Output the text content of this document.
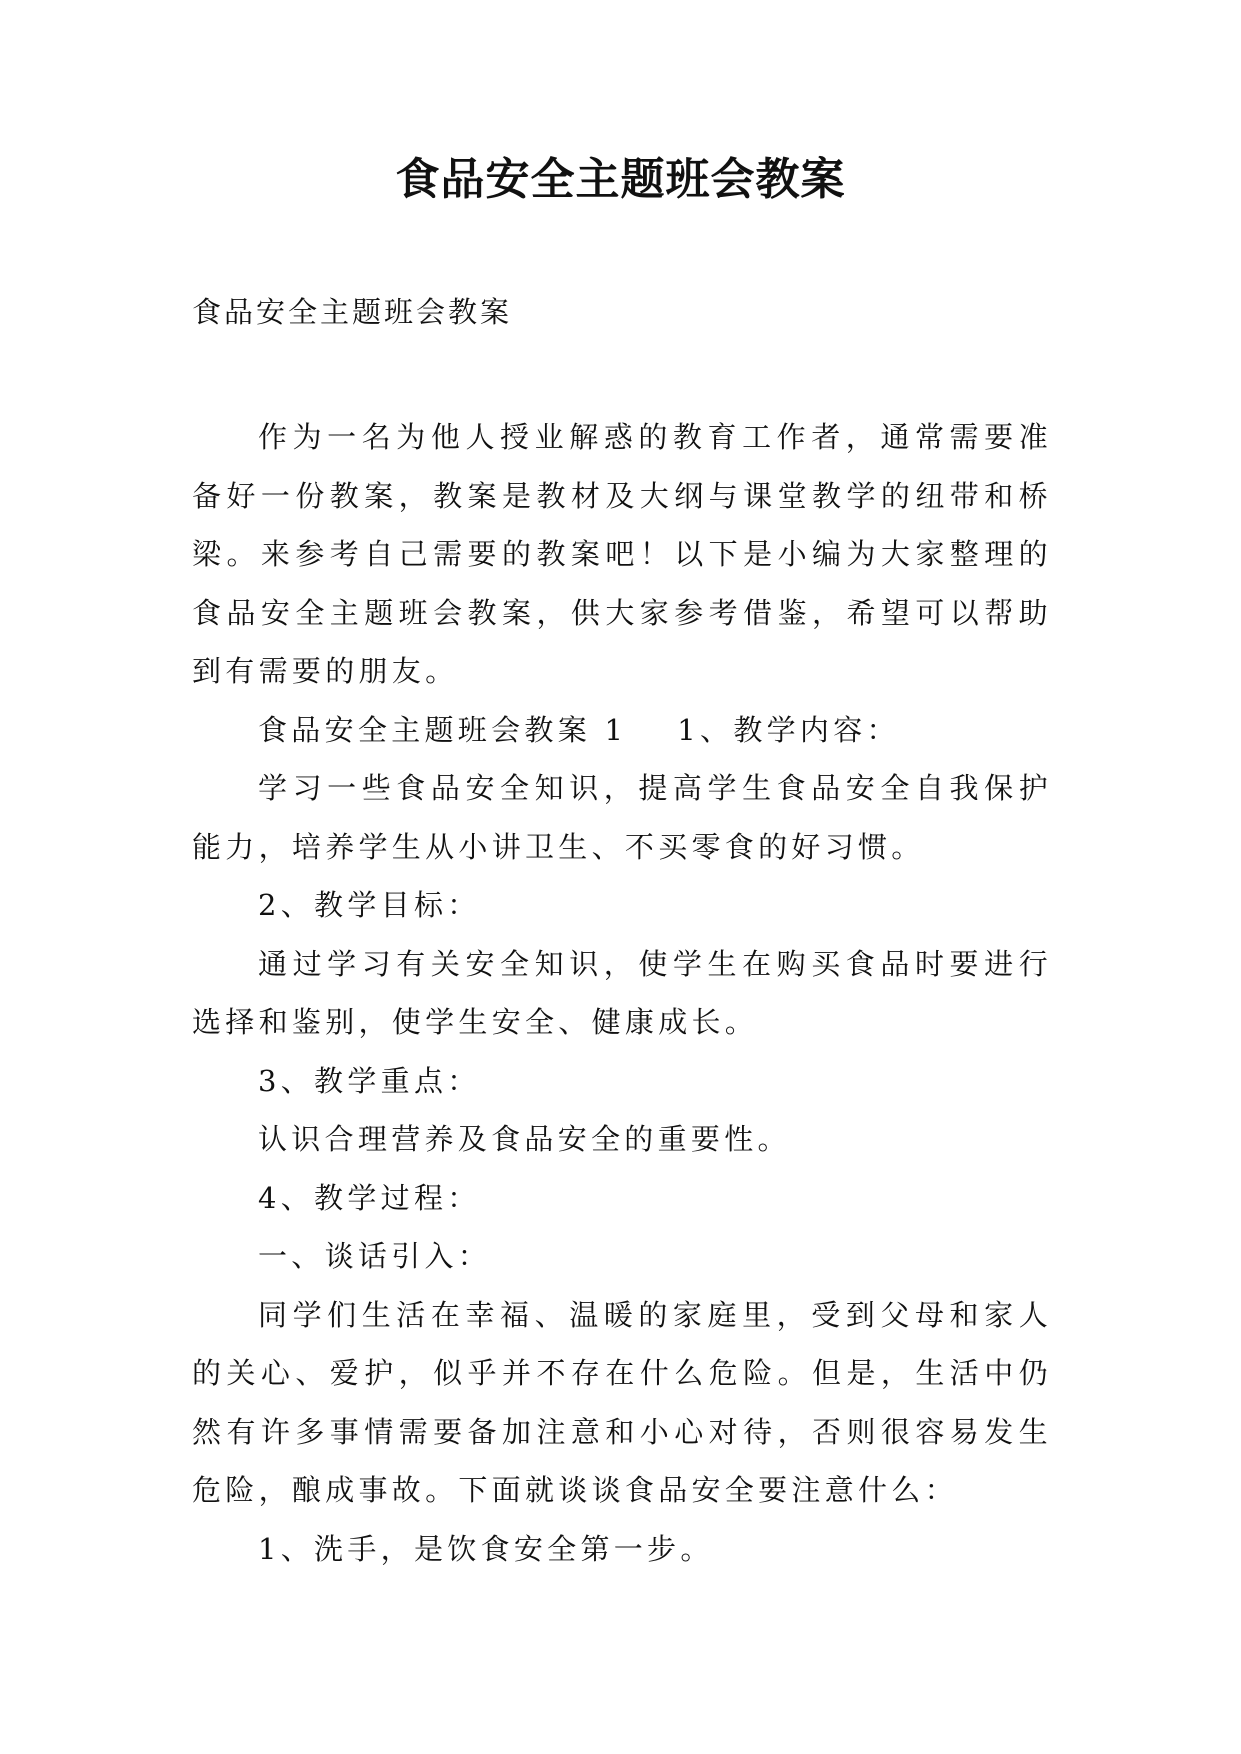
食品安全主题班会教案

食品安全主题班会教案

作为一名为他人授业解惑的教育工作者，通常需要准备好一份教案，教案是教材及大纲与课堂教学的纽带和桥梁。来参考自己需要的教案吧！以下是小编为大家整理的食品安全主题班会教案，供大家参考借鉴，希望可以帮助到有需要的朋友。

食品安全主题班会教案 1 1、教学内容：

学习一些食品安全知识，提高学生食品安全自我保护能力，培养学生从小讲卫生、不买零食的好习惯。

2、教学目标：

通过学习有关安全知识，使学生在购买食品时要进行选择和鉴别，使学生安全、健康成长。

3、教学重点：

认识合理营养及食品安全的重要性。

4、教学过程：

一、谈话引入：

同学们生活在幸福、温暖的家庭里，受到父母和家人的关心、爱护，似乎并不存在什么危险。但是，生活中仍然有许多事情需要备加注意和小心对待，否则很容易发生危险，酿成事故。下面就谈谈食品安全要注意什么：

1、洗手，是饮食安全第一步。
